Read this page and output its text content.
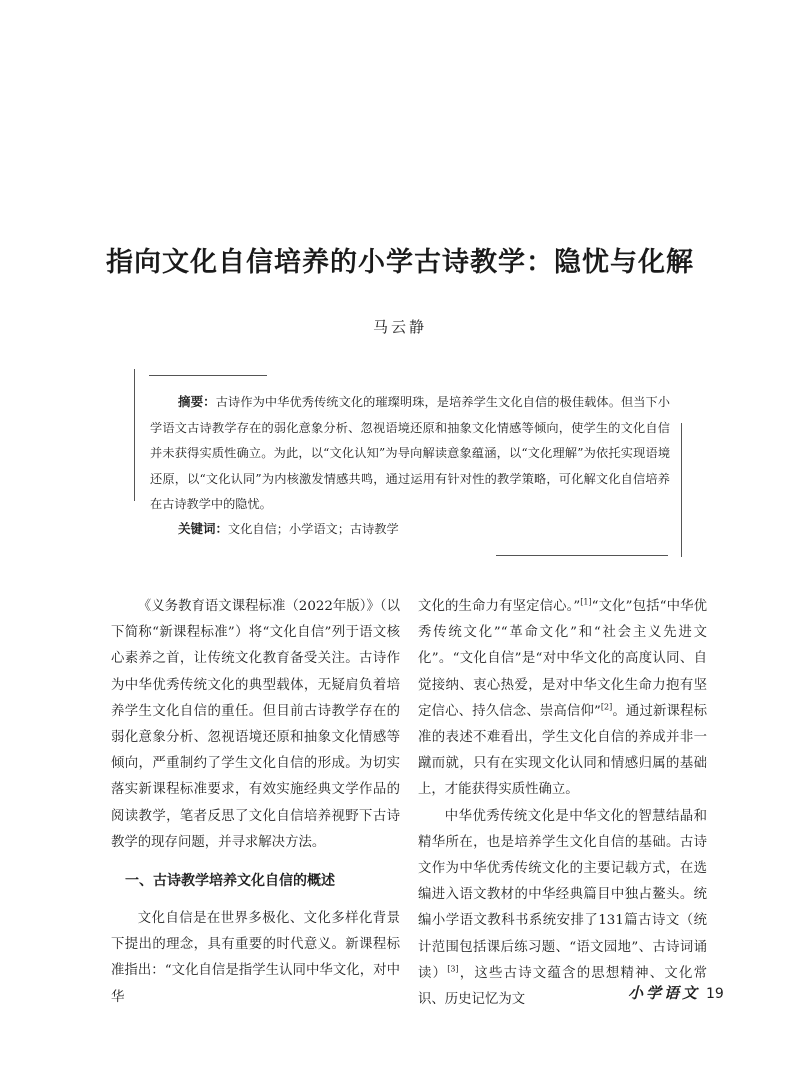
指向文化自信培养的小学古诗教学：隐忧与化解
马云静
摘要：古诗作为中华优秀传统文化的璀璨明珠，是培养学生文化自信的极佳载体。但当下小学语文古诗教学存在的弱化意象分析、忽视语境还原和抽象文化情感等倾向，使学生的文化自信并未获得实质性确立。为此，以“文化认知”为导向解读意象蕴涵，以“文化理解”为依托实现语境还原，以“文化认同”为内核激发情感共鸣，通过运用有针对性的教学策略，可化解文化自信培养在古诗教学中的隐忧。
关键词：文化自信；小学语文；古诗教学

《义务教育语文课程标准（2022年版）》（以下简称“新课程标准”）将“文化自信”列于语文核心素养之首，让传统文化教育备受关注。古诗作为中华优秀传统文化的典型载体，无疑肩负着培养学生文化自信的重任。但目前古诗教学存在的弱化意象分析、忽视语境还原和抽象文化情感等倾向，严重制约了学生文化自信的形成。为切实落实新课程标准要求，有效实施经典文学作品的阅读教学，笔者反思了文化自信培养视野下古诗教学的现存问题，并寻求解决方法。

一、古诗教学培养文化自信的概述

文化自信是在世界多极化、文化多样化背景下提出的理念，具有重要的时代意义。新课程标准指出：“文化自信是指学生认同中华文化，对中华

文化的生命力有坚定信心。”[1]“文化”包括“中华优秀传统文化”“革命文化”和“社会主义先进文化”。“文化自信”是“对中华文化的高度认同、自觉接纳、衷心热爱，是对中华文化生命力抱有坚定信心、持久信念、崇高信仰”[2]。通过新课程标准的表述不难看出，学生文化自信的养成并非一蹴而就，只有在实现文化认同和情感归属的基础上，才能获得实质性确立。

中华优秀传统文化是中华文化的智慧结晶和精华所在，也是培养学生文化自信的基础。古诗文作为中华优秀传统文化的主要记载方式，在选编进入语文教材的中华经典篇目中独占鳌头。统编小学语文教科书系统安排了131篇古诗文（统计范围包括课后练习题、“语文园地”、古诗词诵读）[3]，这些古诗文蕴含的思想精神、文化常识、历史记忆为文	小学语文 19
